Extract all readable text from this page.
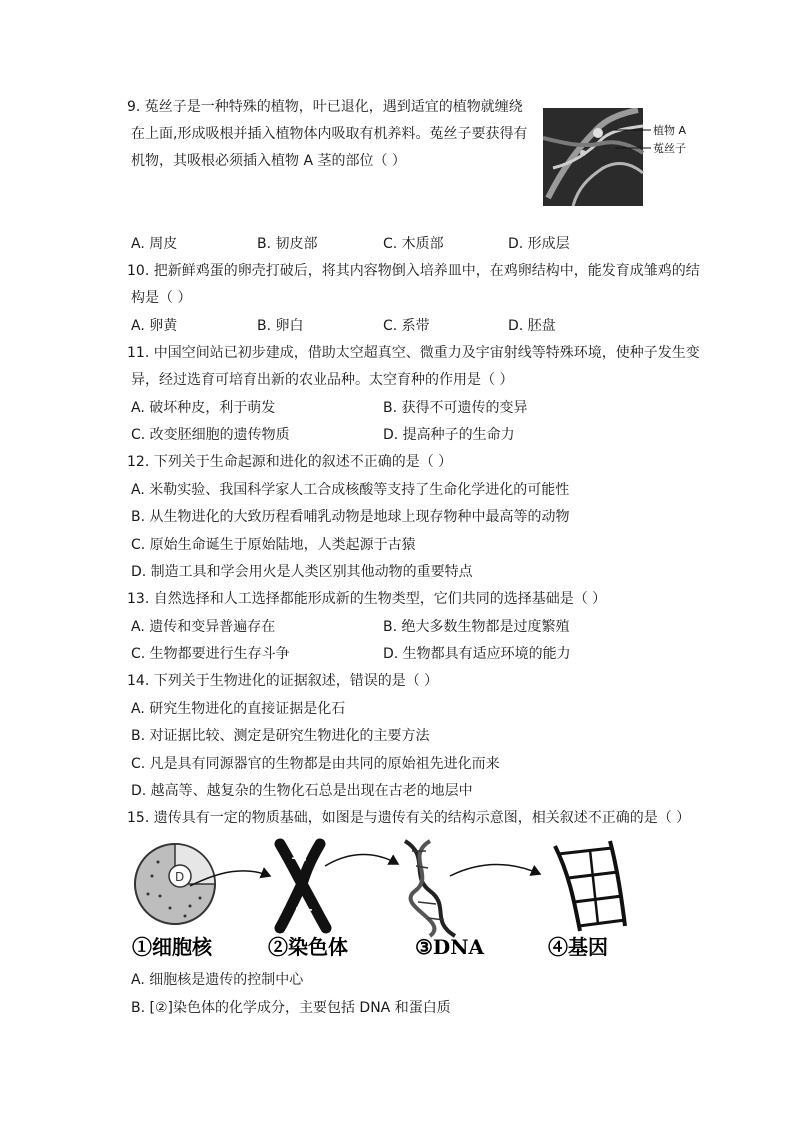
9. 菟丝子是一种特殊的植物，叶已退化，遇到适宜的植物就缠绕
在上面,形成吸根并插入植物体内吸取有机养料。菟丝子要获得有
机物，其吸根必须插入植物 A 茎的部位（ ）
植物 A
菟丝子
A. 周皮	B. 韧皮部	C. 木质部	D. 形成层
10. 把新鲜鸡蛋的卵壳打破后，将其内容物倒入培养皿中，在鸡卵结构中，能发育成雏鸡的结
构是（ ）
A. 卵黄	B. 卵白	C. 系带	D. 胚盘
11. 中国空间站已初步建成，借助太空超真空、微重力及宇宙射线等特殊环境，使种子发生变
异，经过选育可培育出新的农业品种。太空育种的作用是（ ）
A. 破坏种皮，利于萌发	B. 获得不可遗传的变异
C. 改变胚细胞的遗传物质	D. 提高种子的生命力
12. 下列关于生命起源和进化的叙述不正确的是（ ）
A. 米勒实验、我国科学家人工合成核酸等支持了生命化学进化的可能性
B. 从生物进化的大致历程看哺乳动物是地球上现存物种中最高等的动物
C. 原始生命诞生于原始陆地，人类起源于古猿
D. 制造工具和学会用火是人类区别其他动物的重要特点
13. 自然选择和人工选择都能形成新的生物类型，它们共同的选择基础是（ ）
A. 遗传和变异普遍存在	B. 绝大多数生物都是过度繁殖
C. 生物都要进行生存斗争	D. 生物都具有适应环境的能力
14. 下列关于生物进化的证据叙述，错误的是（ ）
A. 研究生物进化的直接证据是化石
B. 对证据比较、测定是研究生物进化的主要方法
C. 凡是具有同源器官的生物都是由共同的原始祖先进化而来
D. 越高等、越复杂的生物化石总是出现在古老的地层中
15. 遗传具有一定的物质基础，如图是与遗传有关的结构示意图，相关叙述不正确的是（ ）
D
①细胞核	②染色体	③DNA	④基因
A. 细胞核是遗传的控制中心
B. [②]染色体的化学成分，主要包括 DNA 和蛋白质
